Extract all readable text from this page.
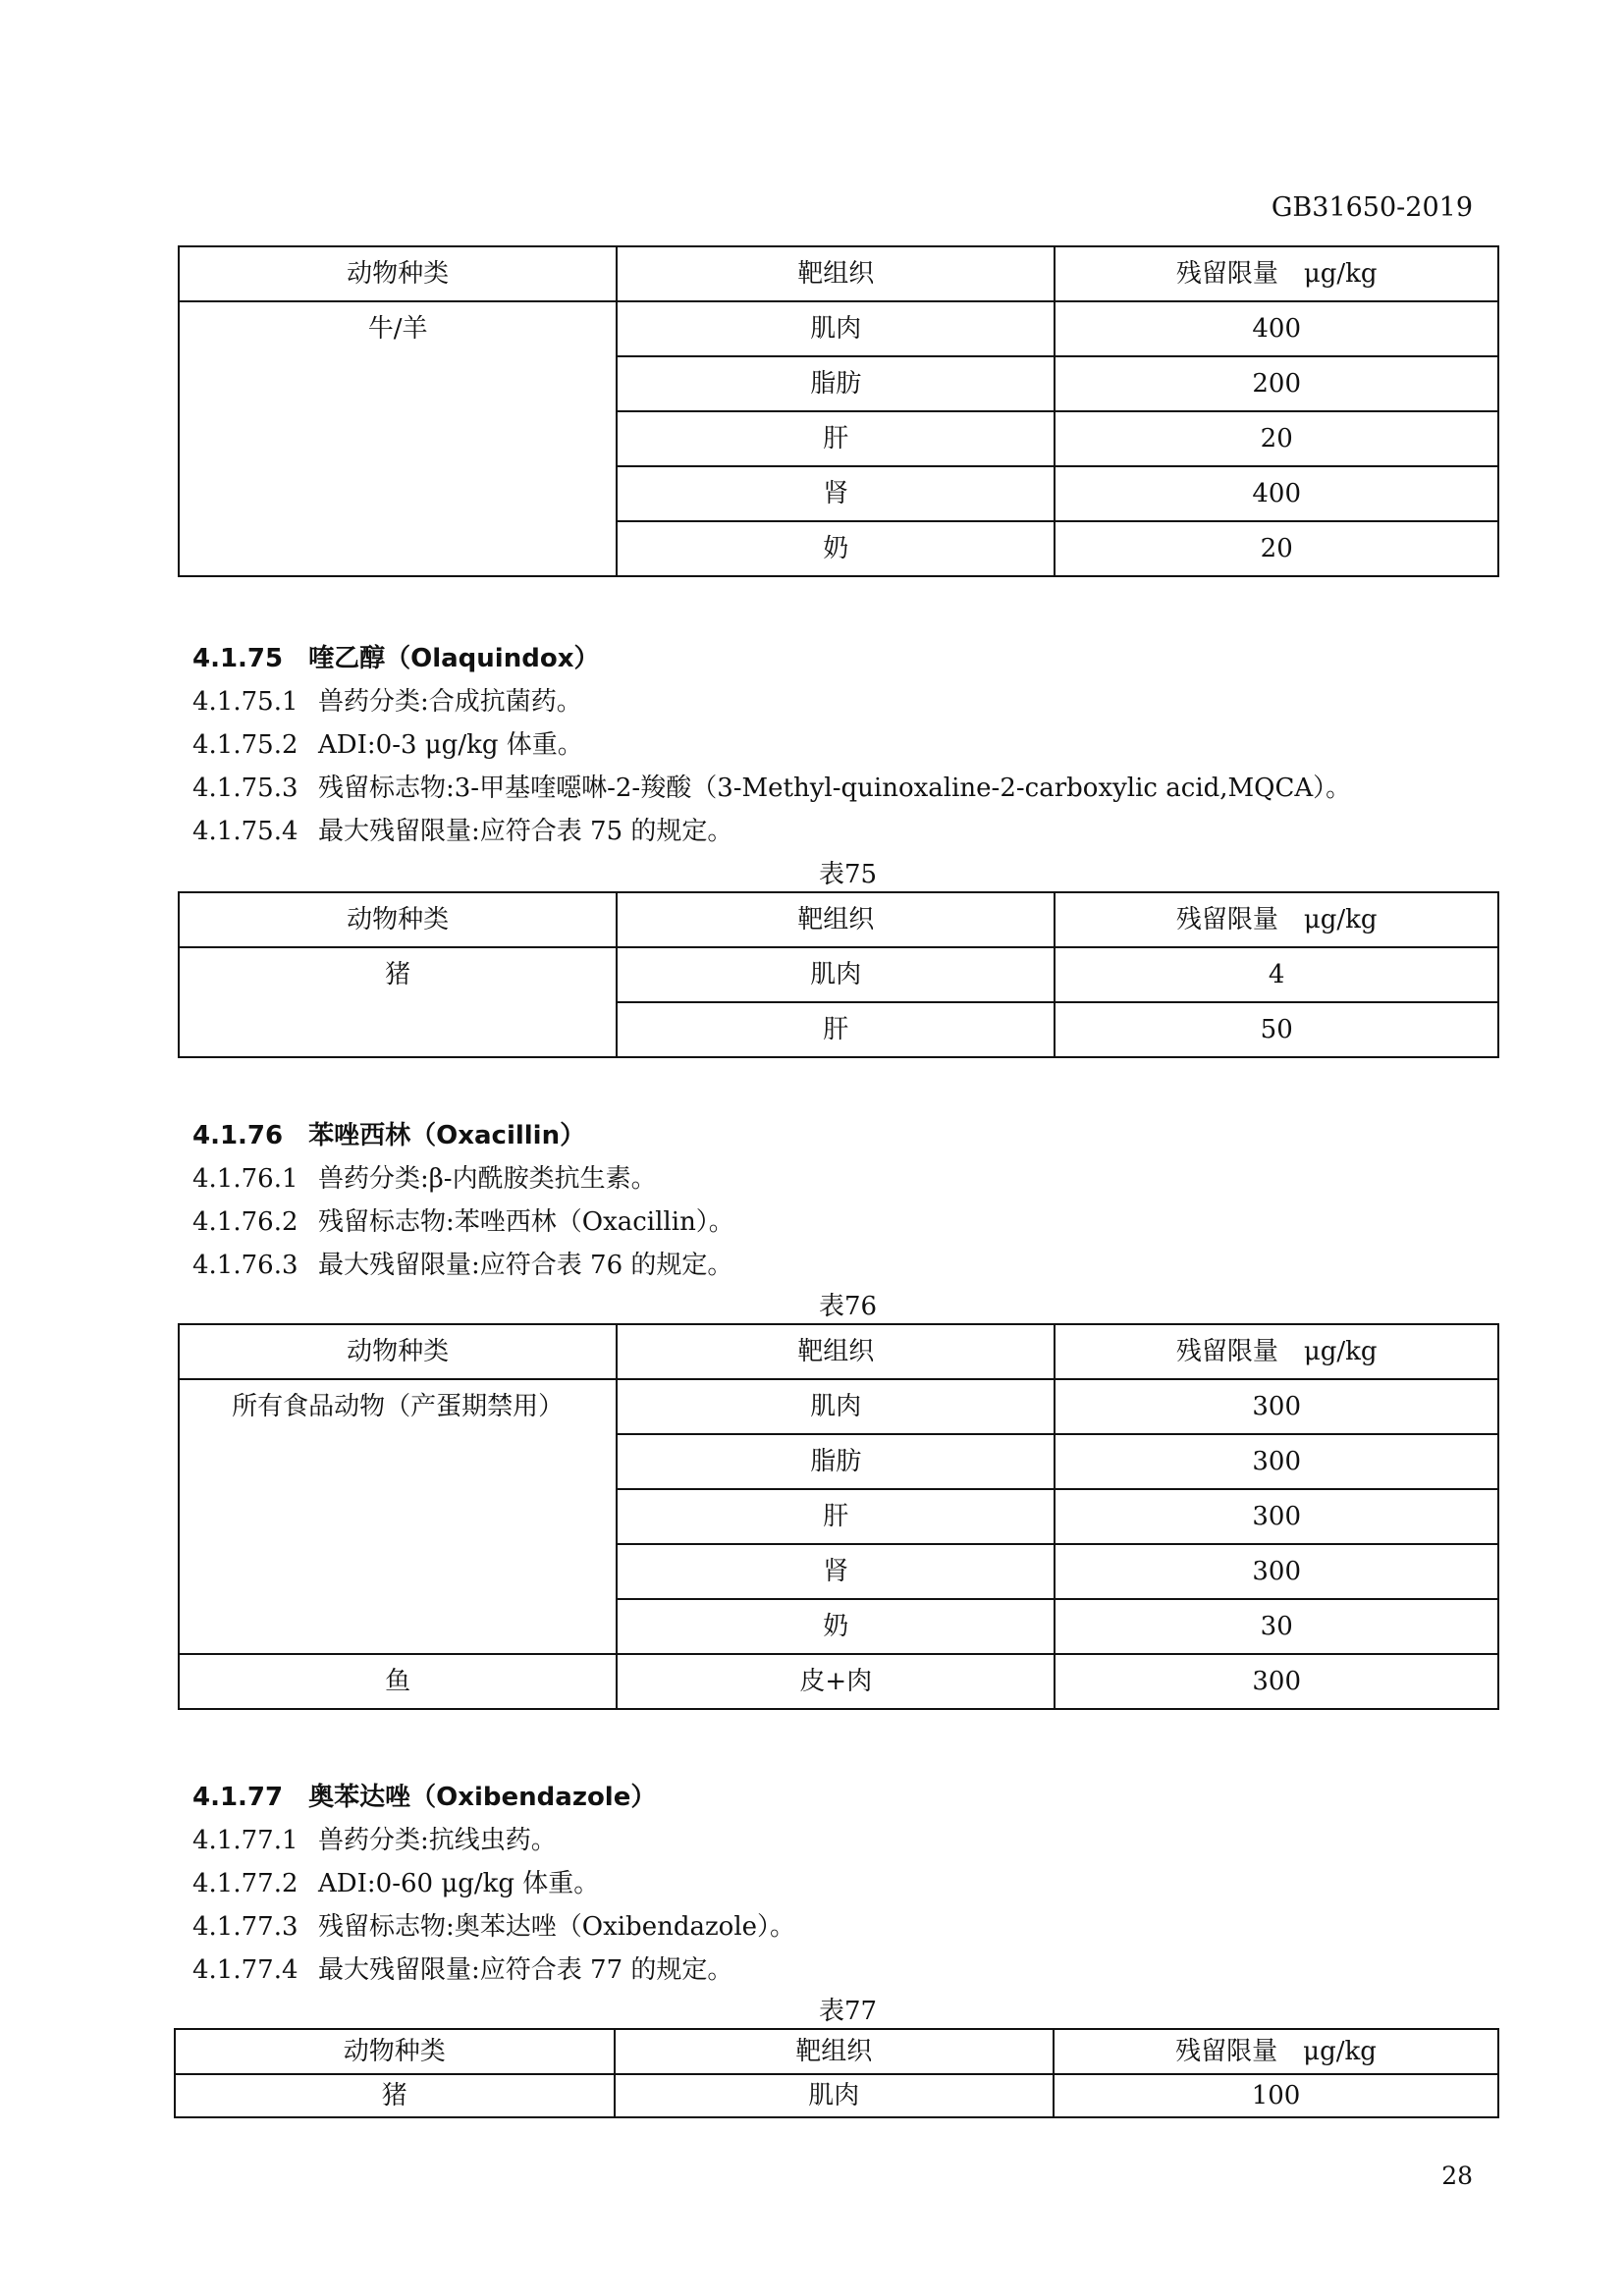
GB31650-2019
动物种类	靶组织	残留限量　μg/kg
牛/羊	肌肉	400
	脂肪	200
	肝	20
	肾	400
	奶	20
4.1.75　喹乙醇（Olaquindox）
4.1.75.1 兽药分类:合成抗菌药。
4.1.75.2 ADI:0-3 μg/kg 体重。
4.1.75.3 残留标志物:3-甲基喹噁啉-2-羧酸（3-Methyl-quinoxaline-2-carboxylic acid,MQCA）。
4.1.75.4 最大残留限量:应符合表 75 的规定。
表75
动物种类	靶组织	残留限量　μg/kg
猪	肌肉	4
	肝	50
4.1.76　苯唑西林（Oxacillin）
4.1.76.1 兽药分类:β-内酰胺类抗生素。
4.1.76.2 残留标志物:苯唑西林（Oxacillin）。
4.1.76.3 最大残留限量:应符合表 76 的规定。
表76
动物种类	靶组织	残留限量　μg/kg
所有食品动物（产蛋期禁用）	肌肉	300
	脂肪	300
	肝	300
	肾	300
	奶	30
鱼	皮+肉	300
4.1.77　奥苯达唑（Oxibendazole）
4.1.77.1 兽药分类:抗线虫药。
4.1.77.2 ADI:0-60 μg/kg 体重。
4.1.77.3 残留标志物:奥苯达唑（Oxibendazole）。
4.1.77.4 最大残留限量:应符合表 77 的规定。
表77
动物种类	靶组织	残留限量　μg/kg
猪	肌肉	100
28
